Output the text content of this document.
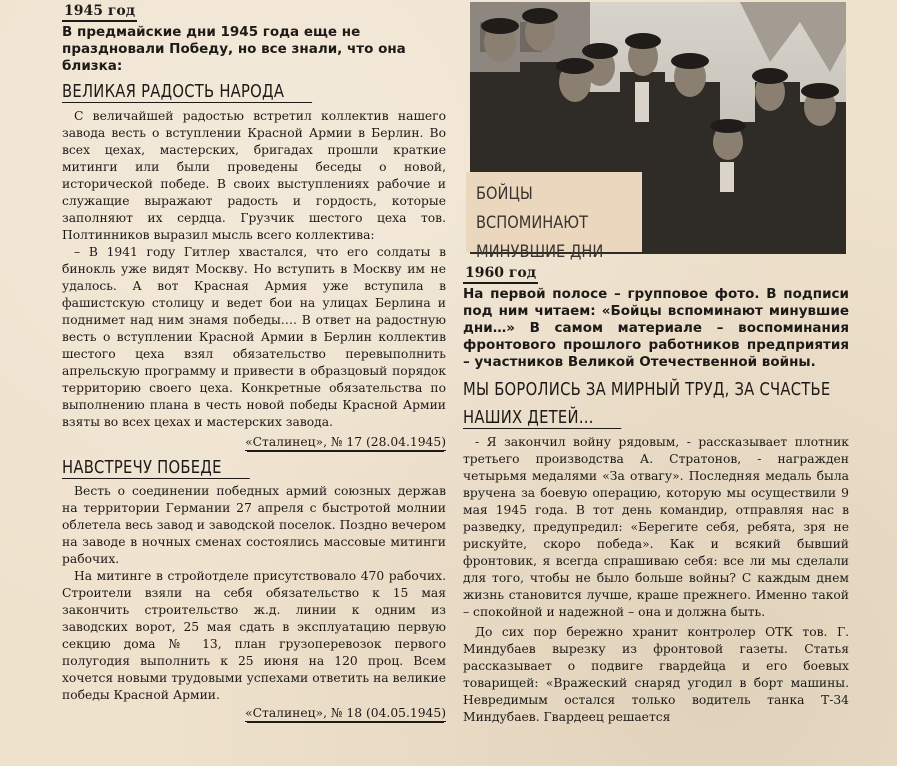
1945 год
В предмайские дни 1945 года еще не праздновали Победу, но все знали, что она близка:
ВЕЛИКАЯ РАДОСТЬ НАРОДА

С величайшей радостью встретил коллектив нашего завода весть о вступлении Красной Армии в Берлин. Во всех цехах, мастерских, бригадах прошли краткие митинги или были проведены беседы о новой, исторической победе. В своих выступлениях рабочие и служащие выражают радость и гордость, которые заполняют их сердца. Грузчик шестого цеха тов. Полтинников выразил мысль всего коллектива:

– В 1941 году Гитлер хвастался, что его солдаты в бинокль уже видят Москву. Но вступить в Москву им не удалось. А вот Красная Армия уже вступила в фашистскую столицу и ведет бои на улицах Берлина и поднимет над ним знамя победы…. В ответ на радостную весть о вступлении Красной Армии в Берлин коллектив шестого цеха взял обязательство перевыполнить апрельскую программу и привести в образцовый порядок территорию своего цеха. Конкретные обязательства по выполнению плана в честь новой победы Красной Армии взяты во всех цехах и мастерских завода.

«Сталинец», № 17 (28.04.1945)
НАВСТРЕЧУ ПОБЕДЕ

Весть о соединении победных армий союзных держав на территории Германии 27 апреля с быстротой молнии облетела весь завод и заводской поселок. Поздно вечером на заводе в ночных сменах состоялись массовые митинги рабочих.

На митинге в стройотделе присутствовало 470 рабочих. Строители взяли на себя обязательство к 15 мая закончить строительство ж.д. линии к одним из заводских ворот, 25 мая сдать в эксплуатацию первую секцию дома № 13, план грузоперевозок первого полугодия выполнить к 25 июня на 120 проц. Всем хочется новыми трудовыми успехами ответить на великие победы Красной Армии.

«Сталинец», № 18 (04.05.1945)
БОЙЦЫ ВСПОМИНАЮТ
МИНУВШИЕ ДНИ
1960 год
На первой полосе – групповое фото. В подписи под ним читаем: «Бойцы вспоминают минувшие дни…» В самом материале – воспоминания фронтового прошлого работников предприятия – участников Великой Отечественной войны.
МЫ БОРОЛИСЬ ЗА МИРНЫЙ ТРУД, ЗА СЧАСТЬЕ
НАШИХ ДЕТЕЙ…

- Я закончил войну рядовым, - рассказывает плотник третьего производства А. Стратонов, - награжден четырьмя медалями «За отвагу». Последняя медаль была вручена за боевую операцию, которую мы осуществили 9 мая 1945 года. В тот день командир, отправляя нас в разведку, предупредил: «Берегите себя, ребята, зря не рискуйте, скоро победа». Как и всякий бывший фронтовик, я всегда спрашиваю себя: все ли мы сделали для того, чтобы не было больше войны? С каждым днем жизнь становится лучше, краше прежнего. Именно такой – спокойной и надежной – она и должна быть.

До сих пор бережно хранит контролер ОТК тов. Г. Миндубаев вырезку из фронтовой газеты. Статья рассказывает о подвиге гвардейца и его боевых товарищей: «Вражеский снаряд угодил в борт машины. Невредимым остался только водитель танка Т-34 Миндубаев. Гвардеец решается
